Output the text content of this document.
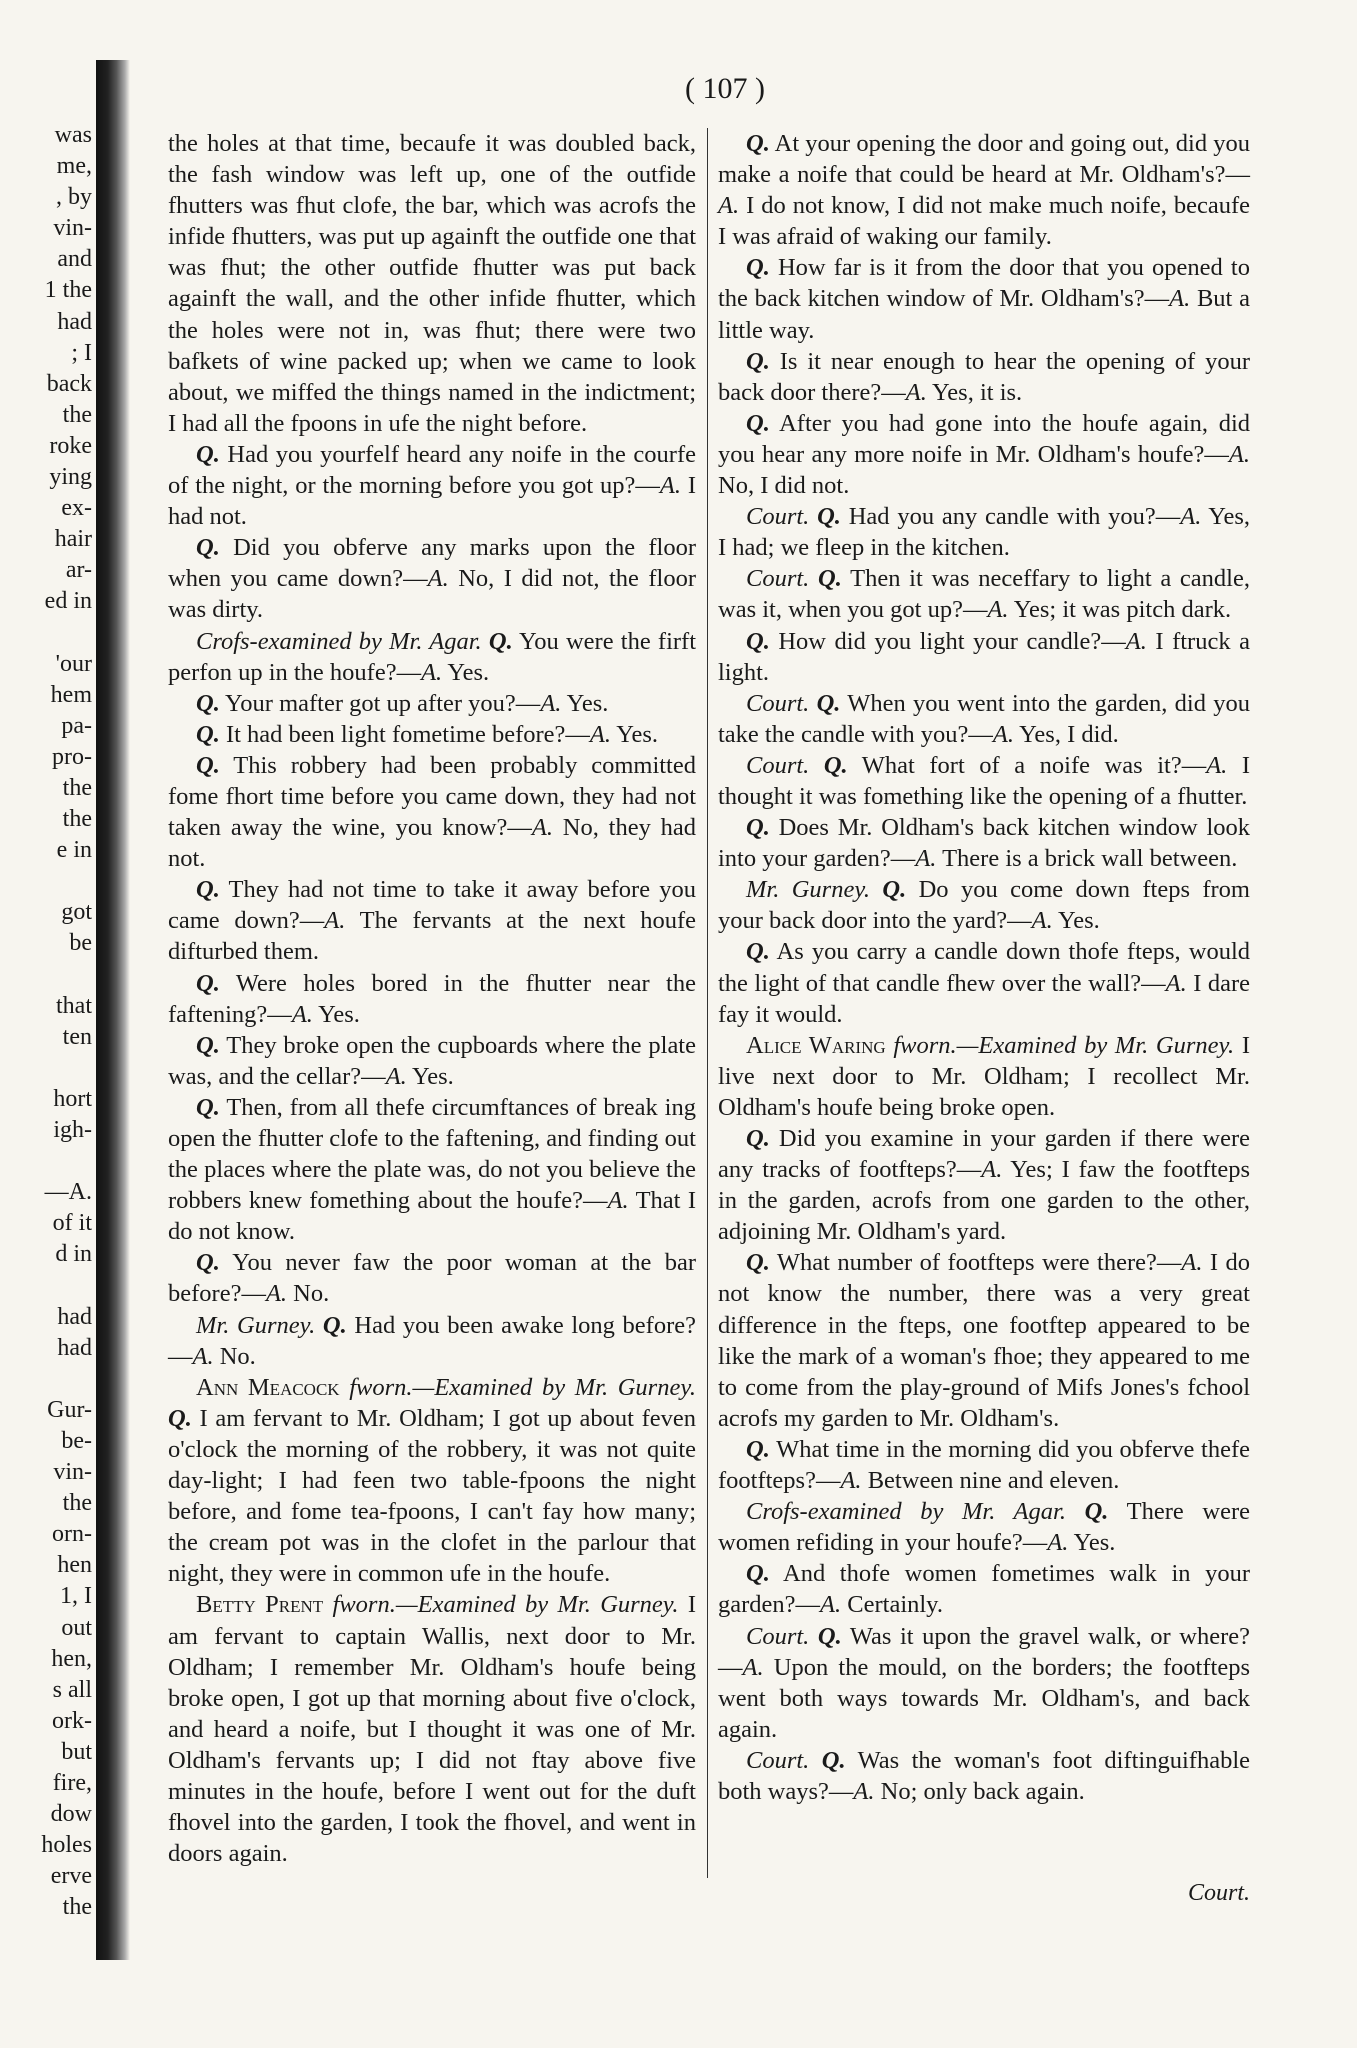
was
me,
, by
vin-
and
1 the
had
; I
back
the
roke
ying
ex-
hair
ar-
ed in
'our
hem
pa-
pro-
the
the
e in
got
be
that
ten
hort
igh-
—A.
of it
d in
had
had
Gur-
be-
vin-
the
orn-
hen
1, I
out
hen,
s all
ork-
but
fire,
dow
holes
erve
the
( 107 )

the holes at that time, becaufe it was doubled back, the fash window was left up, one of the outfide fhutters was fhut clofe, the bar, which was acrofs the infide fhutters, was put up againft the outfide one that was fhut; the other outfide fhutter was put back againft the wall, and the other infide fhutter, which the holes were not in, was fhut; there were two bafkets of wine packed up; when we came to look about, we miffed the things named in the indictment; I had all the fpoons in ufe the night before.

Q. Had you yourfelf heard any noife in the courfe of the night, or the morning before you got up?—A. I had not.

Q. Did you obferve any marks upon the floor when you came down?—A. No, I did not, the floor was dirty.

Crofs-examined by Mr. Agar. Q. You were the firft perfon up in the houfe?—A. Yes.

Q. Your mafter got up after you?—A. Yes.

Q. It had been light fometime before?—A. Yes.

Q. This robbery had been probably committed fome fhort time before you came down, they had not taken away the wine, you know?—A. No, they had not.

Q. They had not time to take it away before you came down?—A. The fervants at the next houfe difturbed them.

Q. Were holes bored in the fhutter near the faftening?—A. Yes.

Q. They broke open the cupboards where the plate was, and the cellar?—A. Yes.

Q. Then, from all thefe circumftances of break ing open the fhutter clofe to the faftening, and finding out the places where the plate was, do not you believe the robbers knew fomething about the houfe?—A. That I do not know.

Q. You never faw the poor woman at the bar before?—A. No.

Mr. Gurney. Q. Had you been awake long before?—A. No.

Ann Meacock fworn.—Examined by Mr. Gurney. Q. I am fervant to Mr. Oldham; I got up about feven o'clock the morning of the robbery, it was not quite day-light; I had feen two table-fpoons the night before, and fome tea-fpoons, I can't fay how many; the cream pot was in the clofet in the parlour that night, they were in common ufe in the houfe.

Betty Prent fworn.—Examined by Mr. Gurney. I am fervant to captain Wallis, next door to Mr. Oldham; I remember Mr. Oldham's houfe being broke open, I got up that morning about five o'clock, and heard a noife, but I thought it was one of Mr. Oldham's fervants up; I did not ftay above five minutes in the houfe, before I went out for the duft fhovel into the garden, I took the fhovel, and went in doors again.

Q. At your opening the door and going out, did you make a noife that could be heard at Mr. Oldham's?—A. I do not know, I did not make much noife, becaufe I was afraid of waking our family.

Q. How far is it from the door that you opened to the back kitchen window of Mr. Oldham's?—A. But a little way.

Q. Is it near enough to hear the opening of your back door there?—A. Yes, it is.

Q. After you had gone into the houfe again, did you hear any more noife in Mr. Oldham's houfe?—A. No, I did not.

Court. Q. Had you any candle with you?—A. Yes, I had; we fleep in the kitchen.

Court. Q. Then it was neceffary to light a candle, was it, when you got up?—A. Yes; it was pitch dark.

Q. How did you light your candle?—A. I ftruck a light.

Court. Q. When you went into the garden, did you take the candle with you?—A. Yes, I did.

Court. Q. What fort of a noife was it?—A. I thought it was fomething like the opening of a fhutter.

Q. Does Mr. Oldham's back kitchen window look into your garden?—A. There is a brick wall between.

Mr. Gurney. Q. Do you come down fteps from your back door into the yard?—A. Yes.

Q. As you carry a candle down thofe fteps, would the light of that candle fhew over the wall?—A. I dare fay it would.

Alice Waring fworn.—Examined by Mr. Gurney. I live next door to Mr. Oldham; I recollect Mr. Oldham's houfe being broke open.

Q. Did you examine in your garden if there were any tracks of footfteps?—A. Yes; I faw the footfteps in the garden, acrofs from one garden to the other, adjoining Mr. Oldham's yard.

Q. What number of footfteps were there?—A. I do not know the number, there was a very great difference in the fteps, one footftep appeared to be like the mark of a woman's fhoe; they appeared to me to come from the play-ground of Mifs Jones's fchool acrofs my garden to Mr. Oldham's.

Q. What time in the morning did you obferve thefe footfteps?—A. Between nine and eleven.

Crofs-examined by Mr. Agar. Q. There were women refiding in your houfe?—A. Yes.

Q. And thofe women fometimes walk in your garden?—A. Certainly.

Court. Q. Was it upon the gravel walk, or where?—A. Upon the mould, on the borders; the footfteps went both ways towards Mr. Oldham's, and back again.

Court. Q. Was the woman's foot diftinguifhable both ways?—A. No; only back again.

Court.
